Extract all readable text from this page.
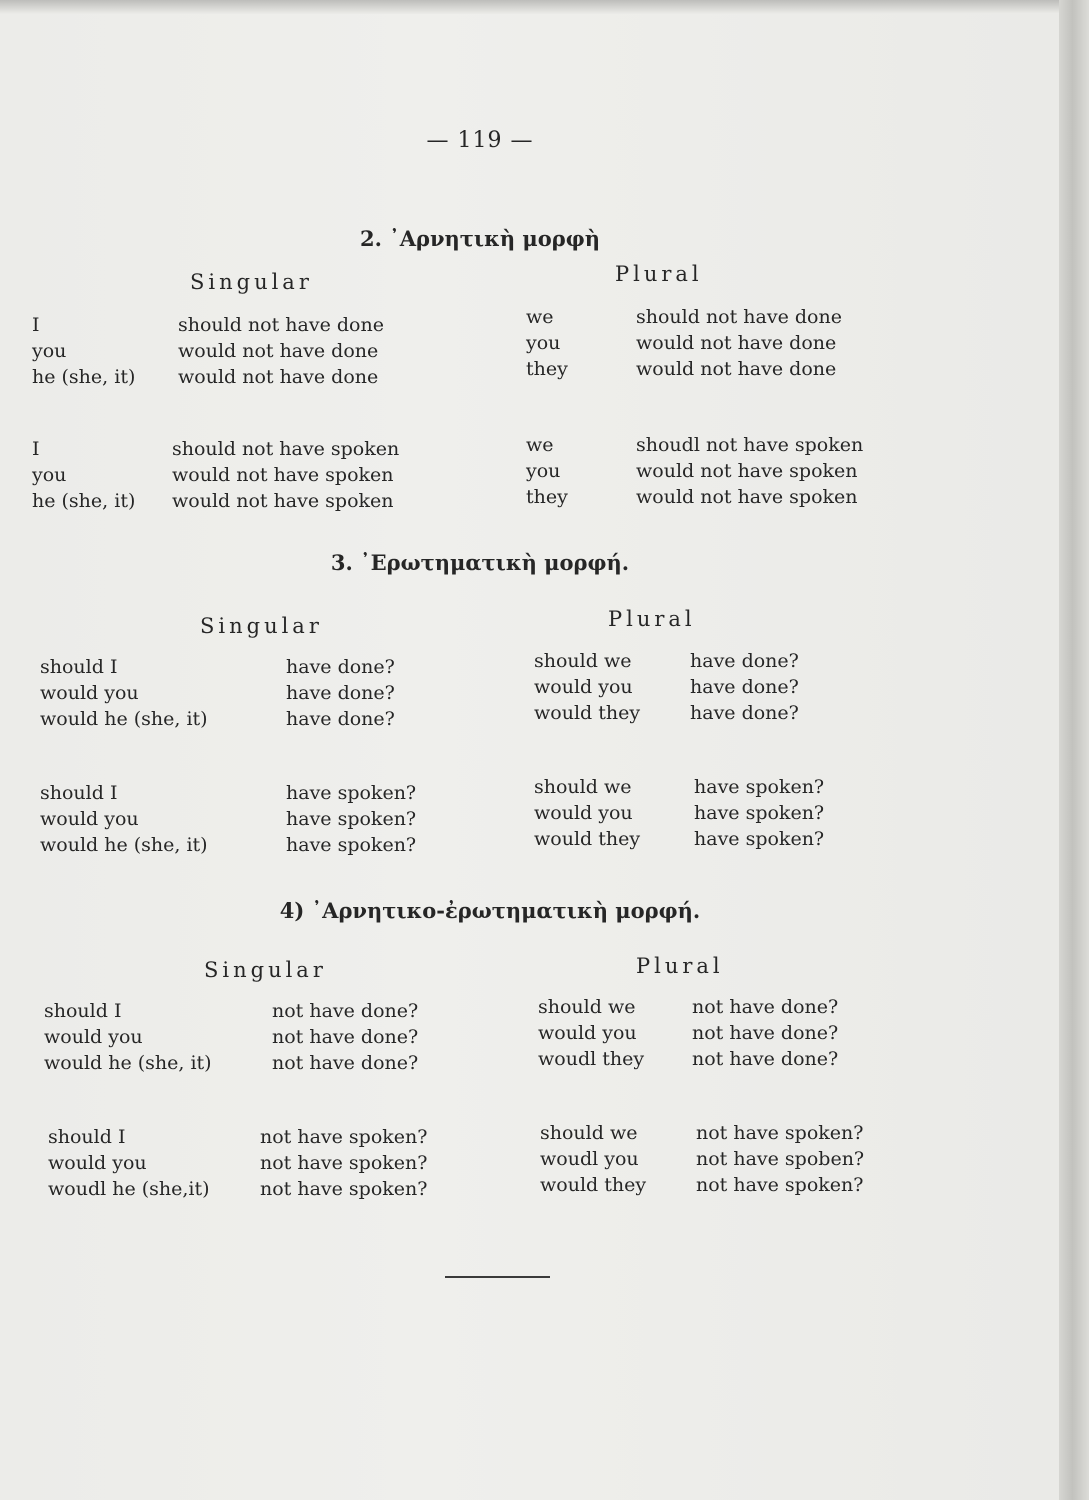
— 119 —
2. ᾿Αρνητικὴ μορφὴ
Singular	Plural
I	should not have done
you	would not have done
he (she, it) would not have done
we	should not have done
you	would not have done
they	would not have done
I	should not have spoken
you	would not have spoken
he (she, it) would not have spoken
we	shoudl not have spoken
you	would not have spoken
they	would not have spoken
3. ᾿Ερωτηματικὴ μορφή.
Singular	Plural
should I	have done?
would you	have done?
would he (she, it)	have done?
should we	have done?
would you	have done?
would they	have done?
should I	have spoken?
would you	have spoken?
would he (she, it)	have spoken?
should we	have spoken?
would you	have spoken?
would they	have spoken?
4) ᾿Αρνητικο-ἐρωτηματικὴ μορφή.
Singular	Plural
should I	not have done?
would you	not have done?
would he (she, it)	not have done?
should we	not have done?
would you	not have done?
woudl they	not have done?
should I	not have spoken?
would you	not have spoken?
woudl he (she,it)	not have spoken?
should we	not have spoken?
woudl you	not have spoben?
would they	not have spoken?
